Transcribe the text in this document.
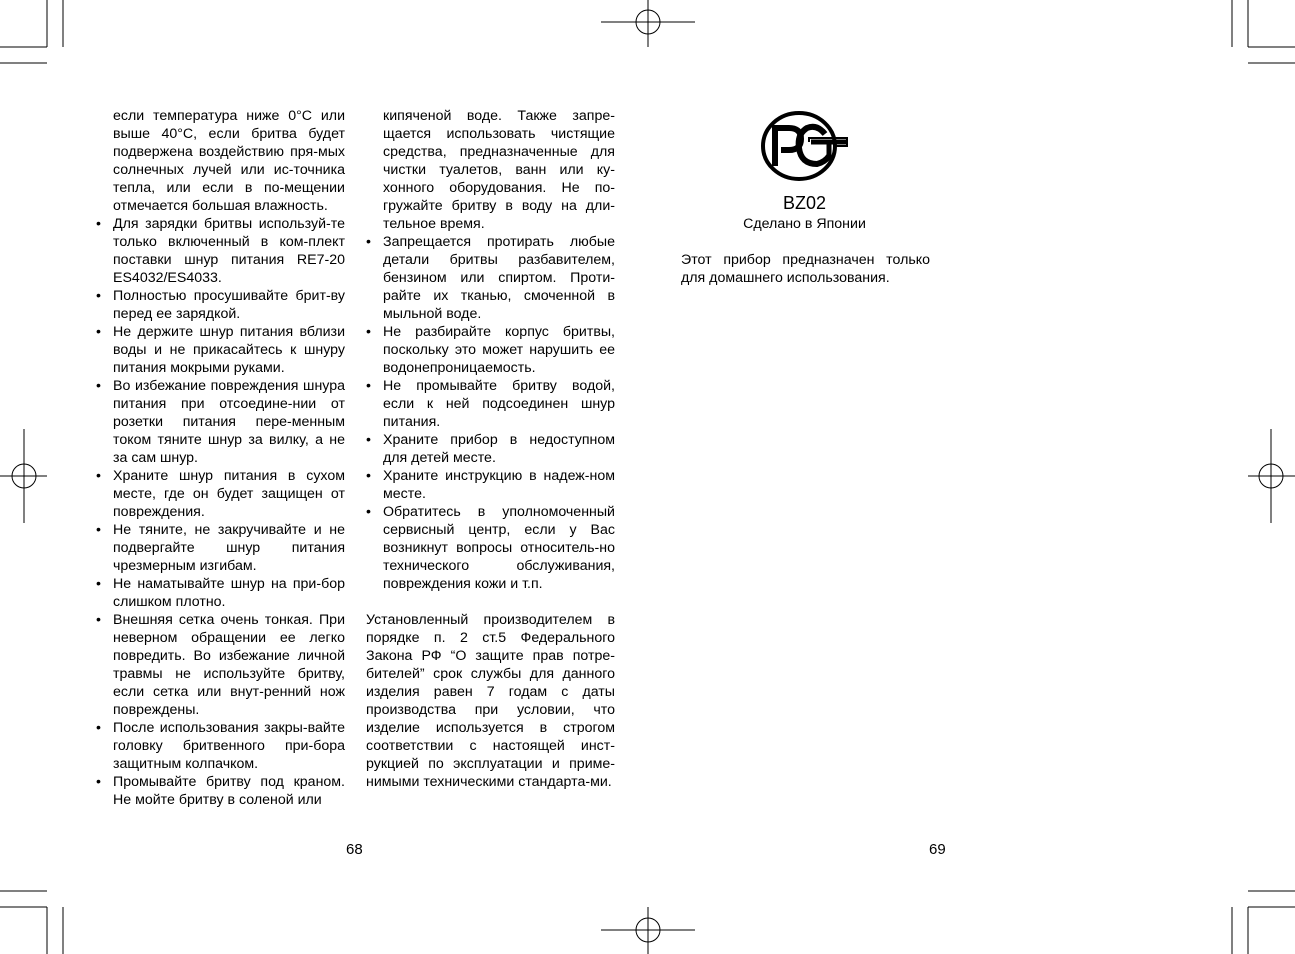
если температура ниже 0°C или выше 40°C, если бритва будет подвержена воздействию пря-мых солнечных лучей или ис-точника тепла, или если в по-мещении отмечается большая влажность.
• Для зарядки бритвы используй-те только включенный в ком-плект поставки шнур питания RE7-20 ES4032/ES4033.
• Полностью просушивайте брит-ву перед ее зарядкой.
• Не держите шнур питания вблизи воды и не прикасайтесь к шнуру питания мокрыми руками.
• Во избежание повреждения шнура питания при отсоедине-нии от розетки питания пере-менным током тяните шнур за вилку, а не за сам шнур.
• Храните шнур питания в сухом месте, где он будет защищен от повреждения.
• Не тяните, не закручивайте и не подвергайте шнур питания чрезмерным изгибам.
• Не наматывайте шнур на при-бор слишком плотно.
• Внешняя сетка очень тонкая. При неверном обращении ее легко повредить. Во избежание личной травмы не используйте бритву, если сетка или внут-ренний нож повреждены.
• После использования закры-вайте головку бритвенного при-бора защитным колпачком.
• Промывайте бритву под краном. Не мойте бритву в соленой или
68
кипяченой воде. Также запре-щается использовать чистящие средства, предназначенные для чистки туалетов, ванн или ку-хонного оборудования. Не по-гружайте бритву в воду на дли-тельное время.
• Запрещается протирать любые детали бритвы разбавителем, бензином или спиртом. Проти-райте их тканью, смоченной в мыльной воде.
• Не разбирайте корпус бритвы, поскольку это может нарушить ее водонепроницаемость.
• Не промывайте бритву водой, если к ней подсоединен шнур питания.
• Храните прибор в недоступном для детей месте.
• Храните инструкцию в надеж-ном месте.
• Обратитесь в уполномоченный сервисный центр, если у Вас возникнут вопросы относитель-но технического обслуживания, повреждения кожи и т.п.
Установленный производителем в порядке п. 2 ст.5 Федерального Закона РФ “О защите прав потре-бителей” срок службы для данного изделия равен 7 годам с даты производства при условии, что изделие используется в строгом соответствии с настоящей инст-рукцией по эксплуатации и приме-нимыми техническими стандарта-ми.
BZ02
Сделано в Японии
Этот прибор предназначен только для домашнего использования.
69
